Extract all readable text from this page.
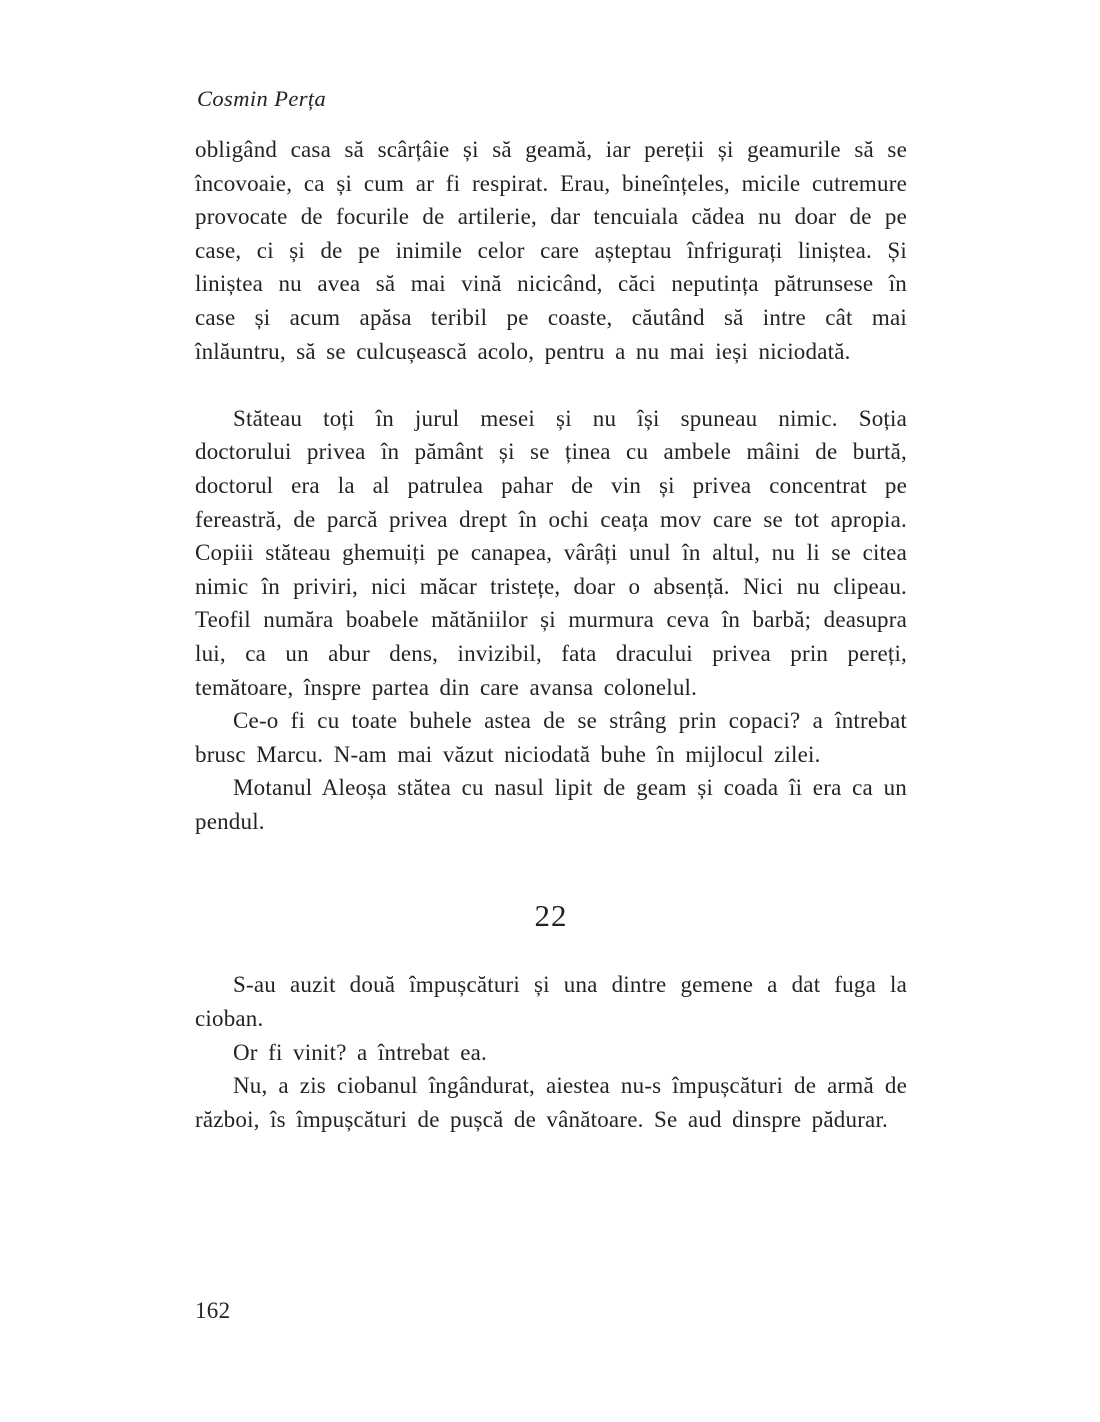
Cosmin Perța

obligând casa să scârțâie și să geamă, iar pereții și geamurile să se încovoaie, ca și cum ar fi respirat. Erau, bineînțeles, micile cutremure provocate de focurile de artilerie, dar tencuiala cădea nu doar de pe case, ci și de pe inimile celor care așteptau înfrigurați liniștea. Și liniștea nu avea să mai vină nicicând, căci neputința pătrunsese în case și acum apăsa teribil pe coaste, căutând să intre cât mai înlăuntru, să se culcușească acolo, pentru a nu mai ieși niciodată.

Stăteau toți în jurul mesei și nu își spuneau nimic. Soția doctorului privea în pământ și se ținea cu ambele mâini de burtă, doctorul era la al patrulea pahar de vin și privea concentrat pe fereastră, de parcă privea drept în ochi ceața mov care se tot apropia. Copiii stăteau ghemuiți pe canapea, vârâți unul în altul, nu li se citea nimic în priviri, nici măcar tristețe, doar o absență. Nici nu clipeau. Teofil număra boabele mătăniilor și murmura ceva în barbă; deasupra lui, ca un abur dens, invizibil, fata dracului privea prin pereți, temătoare, înspre partea din care avansa colonelul.

Ce-o fi cu toate buhele astea de se strâng prin copaci? a întrebat brusc Marcu. N-am mai văzut niciodată buhe în mijlocul zilei.

Motanul Aleoșa stătea cu nasul lipit de geam și coada îi era ca un pendul.

22

S-au auzit două împușcături și una dintre gemene a dat fuga la cioban.

Or fi vinit? a întrebat ea.

Nu, a zis ciobanul îngândurat, aiestea nu-s împușcături de armă de război, îs împușcături de pușcă de vânătoare. Se aud dinspre pădurar.

162
